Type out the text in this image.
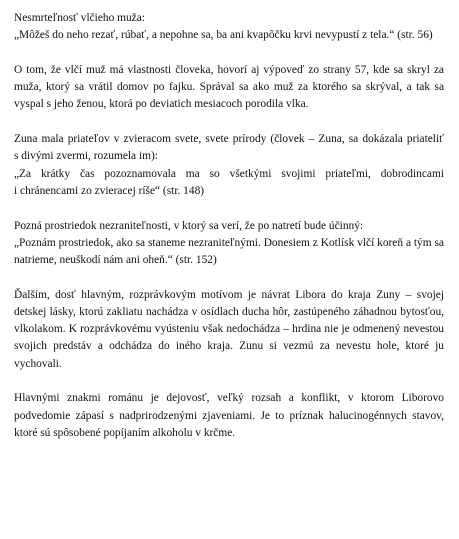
Nesmrteľnosť vlčieho muža:
„Môžeš do neho rezať, rúbať, a nepohne sa, ba ani kvapôčku krvi nevypustí z tela.“ (str. 56)
O tom, že vlčí muž má vlastnosti človeka, hovorí aj výpoveď zo strany 57, kde sa skryl za
muža, ktorý sa vrátil domov po fajku. Správal sa ako muž za ktorého sa skrýval, a tak sa
vyspal s jeho ženou, ktorá po deviatich mesiacoch porodila vlka.
Zuna mala priateľov v zvieracom svete, svete prírody (človek – Zuna, sa dokázala priateliť
s divými zvermi, rozumela im):
„Za krátky čas pozoznamovala ma so všetkými svojimi priateľmi, dobrodincami
i chránencami zo zvieracej ríše“ (str. 148)
Pozná prostriedok nezraniteľnosti, v ktorý sa verí, že po natretí bude účinný:
„Poznám prostriedok, ako sa staneme nezraniteľnými. Donesiem z Kotlísk vlčí koreň a tým sa
natrieme, neuškodí nám ani oheň.“ (str. 152)
Ďalším, dosť hlavným, rozprávkovým motívom je návrat Libora do kraja Zuny – svojej
detskej lásky, ktorú zakliatu nachádza v osídlach ducha hôr, zastúpeného záhadnou bytosťou,
vlkolakom. K rozprávkovému vyústeniu však nedochádza – hrdina nie je odmenený nevestou
svojich predstáv a odchádza do iného kraja. Zunu si vezmú za nevestu hole, ktoré ju
vychovali.
Hlavnými znakmi románu je dejovosť, veľký rozsah a konflikt, v ktorom Liborovo
podvedomie zápasí s nadprirodzenými zjaveniami. Je to príznak halucinogénnych stavov,
ktoré sú spôsobené popíjaním alkoholu v krčme.
